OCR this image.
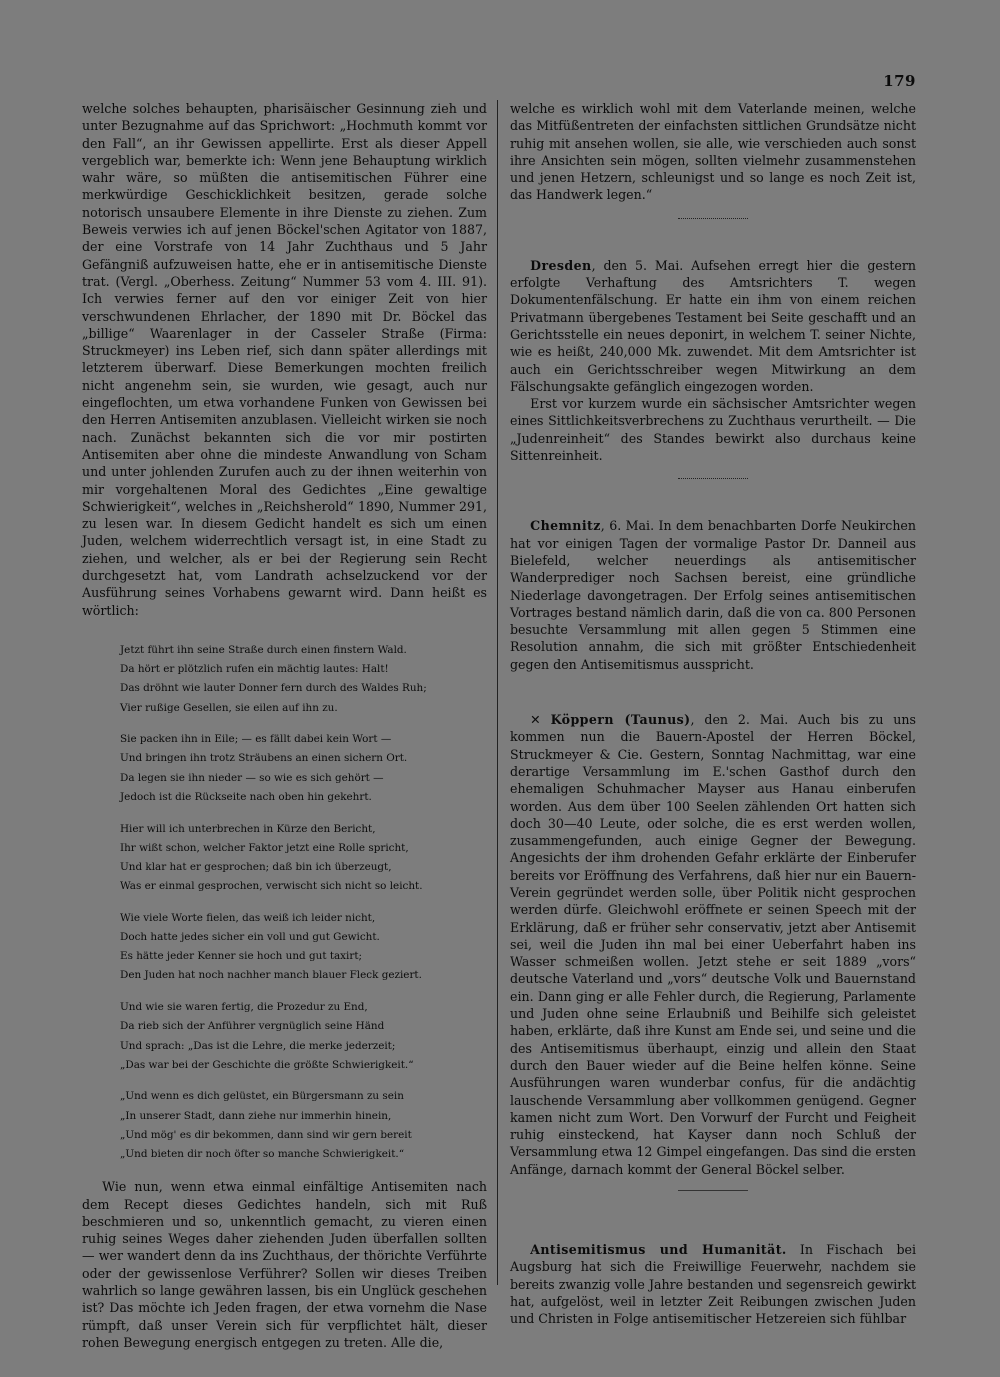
179

welche solches behaupten, pharisäischer Gesinnung zieh und unter Bezugnahme auf das Sprichwort: „Hochmuth kommt vor den Fall“, an ihr Gewissen appellirte. Erst als dieser Appell vergeblich war, bemerkte ich: Wenn jene Behauptung wirklich wahr wäre, so müßten die antisemitischen Führer eine merkwürdige Geschicklichkeit besitzen, gerade solche notorisch unsaubere Elemente in ihre Dienste zu ziehen. Zum Beweis verwies ich auf jenen Böckel'schen Agitator von 1887, der eine Vorstrafe von 14 Jahr Zuchthaus und 5 Jahr Gefängniß aufzuweisen hatte, ehe er in antisemitische Dienste trat. (Vergl. „Oberhess. Zeitung“ Nummer 53 vom 4. III. 91). Ich verwies ferner auf den vor einiger Zeit von hier verschwundenen Ehrlacher, der 1890 mit Dr. Böckel das „billige“ Waarenlager in der Casseler Straße (Firma: Struckmeyer) ins Leben rief, sich dann später allerdings mit letzterem überwarf. Diese Bemerkungen mochten freilich nicht angenehm sein, sie wurden, wie gesagt, auch nur eingeflochten, um etwa vorhandene Funken von Gewissen bei den Herren Antisemiten anzublasen. Vielleicht wirken sie noch nach. Zunächst bekannten sich die vor mir postirten Antisemiten aber ohne die mindeste Anwandlung von Scham und unter johlenden Zurufen auch zu der ihnen weiterhin von mir vorgehaltenen Moral des Gedichtes „Eine gewaltige Schwierigkeit“, welches in „Reichsherold“ 1890, Nummer 291, zu lesen war. In diesem Gedicht handelt es sich um einen Juden, welchem widerrechtlich versagt ist, in eine Stadt zu ziehen, und welcher, als er bei der Regierung sein Recht durchgesetzt hat, vom Landrath achselzuckend vor der Ausführung seines Vorhabens gewarnt wird. Dann heißt es wörtlich:

Jetzt führt ihn seine Straße durch einen finstern Wald.
Da hört er plötzlich rufen ein mächtig lautes: Halt!
Das dröhnt wie lauter Donner fern durch des Waldes Ruh;
Vier rußige Gesellen, sie eilen auf ihn zu.
Sie packen ihn in Eile; — es fällt dabei kein Wort —
Und bringen ihn trotz Sträubens an einen sichern Ort.
Da legen sie ihn nieder — so wie es sich gehört —
Jedoch ist die Rückseite nach oben hin gekehrt.
Hier will ich unterbrechen in Kürze den Bericht,
Ihr wißt schon, welcher Faktor jetzt eine Rolle spricht,
Und klar hat er gesprochen; daß bin ich überzeugt,
Was er einmal gesprochen, verwischt sich nicht so leicht.
Wie viele Worte fielen, das weiß ich leider nicht,
Doch hatte jedes sicher ein voll und gut Gewicht.
Es hätte jeder Kenner sie hoch und gut taxirt;
Den Juden hat noch nachher manch blauer Fleck geziert.
Und wie sie waren fertig, die Prozedur zu End,
Da rieb sich der Anführer vergnüglich seine Händ
Und sprach: „Das ist die Lehre, die merke jederzeit;
„Das war bei der Geschichte die größte Schwierigkeit.“
„Und wenn es dich gelüstet, ein Bürgersmann zu sein
„In unserer Stadt, dann ziehe nur immerhin hinein,
„Und mög' es dir bekommen, dann sind wir gern bereit
„Und bieten dir noch öfter so manche Schwierigkeit.“

Wie nun, wenn etwa einmal einfältige Antisemiten nach dem Recept dieses Gedichtes handeln, sich mit Ruß beschmieren und so, unkenntlich gemacht, zu vieren einen ruhig seines Weges daher ziehenden Juden überfallen sollten — wer wandert denn da ins Zuchthaus, der thörichte Verführte oder der gewissenlose Verführer? Sollen wir dieses Treiben wahrlich so lange gewähren lassen, bis ein Unglück geschehen ist? Das möchte ich Jeden fragen, der etwa vornehm die Nase rümpft, daß unser Verein sich für verpflichtet hält, dieser rohen Bewegung energisch entgegen zu treten. Alle die,

welche es wirklich wohl mit dem Vaterlande meinen, welche das Mitfüßentreten der einfachsten sittlichen Grundsätze nicht ruhig mit ansehen wollen, sie alle, wie verschieden auch sonst ihre Ansichten sein mögen, sollten vielmehr zusammenstehen und jenen Hetzern, schleunigst und so lange es noch Zeit ist, das Handwerk legen.“

Dresden, den 5. Mai. Aufsehen erregt hier die gestern erfolgte Verhaftung des Amtsrichters T. wegen Dokumentenfälschung. Er hatte ein ihm von einem reichen Privatmann übergebenes Testament bei Seite geschafft und an Gerichtsstelle ein neues deponirt, in welchem T. seiner Nichte, wie es heißt, 240,000 Mk. zuwendet. Mit dem Amtsrichter ist auch ein Gerichtsschreiber wegen Mitwirkung an dem Fälschungsakte gefänglich eingezogen worden.

Erst vor kurzem wurde ein sächsischer Amtsrichter wegen eines Sittlichkeitsverbrechens zu Zuchthaus verurtheilt. — Die „Judenreinheit“ des Standes bewirkt also durchaus keine Sittenreinheit.

Chemnitz, 6. Mai. In dem benachbarten Dorfe Neukirchen hat vor einigen Tagen der vormalige Pastor Dr. Danneil aus Bielefeld, welcher neuerdings als antisemitischer Wanderprediger noch Sachsen bereist, eine gründliche Niederlage davongetragen. Der Erfolg seines antisemitischen Vortrages bestand nämlich darin, daß die von ca. 800 Personen besuchte Versammlung mit allen gegen 5 Stimmen eine Resolution annahm, die sich mit größter Entschiedenheit gegen den Antisemitismus ausspricht.

✕ Köppern (Taunus), den 2. Mai. Auch bis zu uns kommen nun die Bauern-Apostel der Herren Böckel, Struckmeyer & Cie. Gestern, Sonntag Nachmittag, war eine derartige Versammlung im E.'schen Gasthof durch den ehemaligen Schuhmacher Mayser aus Hanau einberufen worden. Aus dem über 100 Seelen zählenden Ort hatten sich doch 30—40 Leute, oder solche, die es erst werden wollen, zusammengefunden, auch einige Gegner der Bewegung. Angesichts der ihm drohenden Gefahr erklärte der Einberufer bereits vor Eröffnung des Verfahrens, daß hier nur ein Bauern-Verein gegründet werden solle, über Politik nicht gesprochen werden dürfe. Gleichwohl eröffnete er seinen Speech mit der Erklärung, daß er früher sehr conservativ, jetzt aber Antisemit sei, weil die Juden ihn mal bei einer Ueberfahrt haben ins Wasser schmeißen wollen. Jetzt stehe er seit 1889 „vors“ deutsche Vaterland und „vors“ deutsche Volk und Bauernstand ein. Dann ging er alle Fehler durch, die Regierung, Parlamente und Juden ohne seine Erlaubniß und Beihilfe sich geleistet haben, erklärte, daß ihre Kunst am Ende sei, und seine und die des Antisemitismus überhaupt, einzig und allein den Staat durch den Bauer wieder auf die Beine helfen könne. Seine Ausführungen waren wunderbar confus, für die andächtig lauschende Versammlung aber vollkommen genügend. Gegner kamen nicht zum Wort. Den Vorwurf der Furcht und Feigheit ruhig einsteckend, hat Kayser dann noch Schluß der Versammlung etwa 12 Gimpel eingefangen. Das sind die ersten Anfänge, darnach kommt der General Böckel selber.

Antisemitismus und Humanität. In Fischach bei Augsburg hat sich die Freiwillige Feuerwehr, nachdem sie bereits zwanzig volle Jahre bestanden und segensreich gewirkt hat, aufgelöst, weil in letzter Zeit Reibungen zwischen Juden und Christen in Folge antisemitischer Hetzereien sich fühlbar
